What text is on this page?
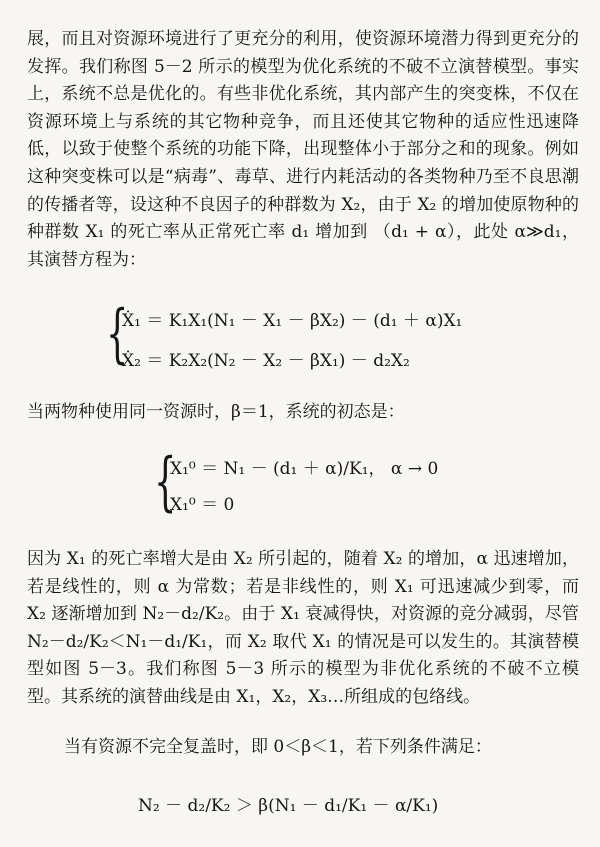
展，而且对资源环境进行了更充分的利用，使资源环境潜力得到更充分的发挥。我们称图 5－2 所示的模型为优化系统的不破不立演替模型。事实上，系统不总是优化的。有些非优化系统，其内部产生的突变株，不仅在资源环境上与系统的其它物种竞争，而且还使其它物种的适应性迅速降低，以致于使整个系统的功能下降，出现整体小于部分之和的现象。例如这种突变株可以是“病毒”、毒草、进行内耗活动的各类物种乃至不良思潮的传播者等，设这种不良因子的种群数为 X₂，由于 X₂ 的增加使原物种的种群数 X₁ 的死亡率从正常死亡率 d₁ 增加到 （d₁ + α），此处 α≫d₁，其演替方程为：

{
Ẋ₁ ＝ K₁X₁(N₁ － X₁ － βX₂) － (d₁ ＋ α)X₁
Ẋ₂ ＝ K₂X₂(N₂ － X₂ － βX₁) － d₂X₂

当两物种使用同一资源时，β＝1，系统的初态是：

{
X₁⁰ ＝ N₁ － (d₁ ＋ α)/K₁， α → 0
X₁⁰ ＝ 0

因为 X₁ 的死亡率增大是由 X₂ 所引起的，随着 X₂ 的增加，α 迅速增加，若是线性的，则 α 为常数；若是非线性的，则 X₁ 可迅速减少到零，而 X₂ 逐渐增加到 N₂－d₂/K₂。由于 X₁ 衰减得快，对资源的竞分减弱，尽管 N₂－d₂/K₂＜N₁－d₁/K₁，而 X₂ 取代 X₁ 的情况是可以发生的。其演替模型如图 5－3。我们称图 5－3 所示的模型为非优化系统的不破不立模型。其系统的演替曲线是由 X₁，X₂，X₃…所组成的包络线。

当有资源不完全复盖时，即 0＜β＜1，若下列条件满足：

N₂ － d₂/K₂ ＞ β(N₁ － d₁/K₁ － α/K₁)
